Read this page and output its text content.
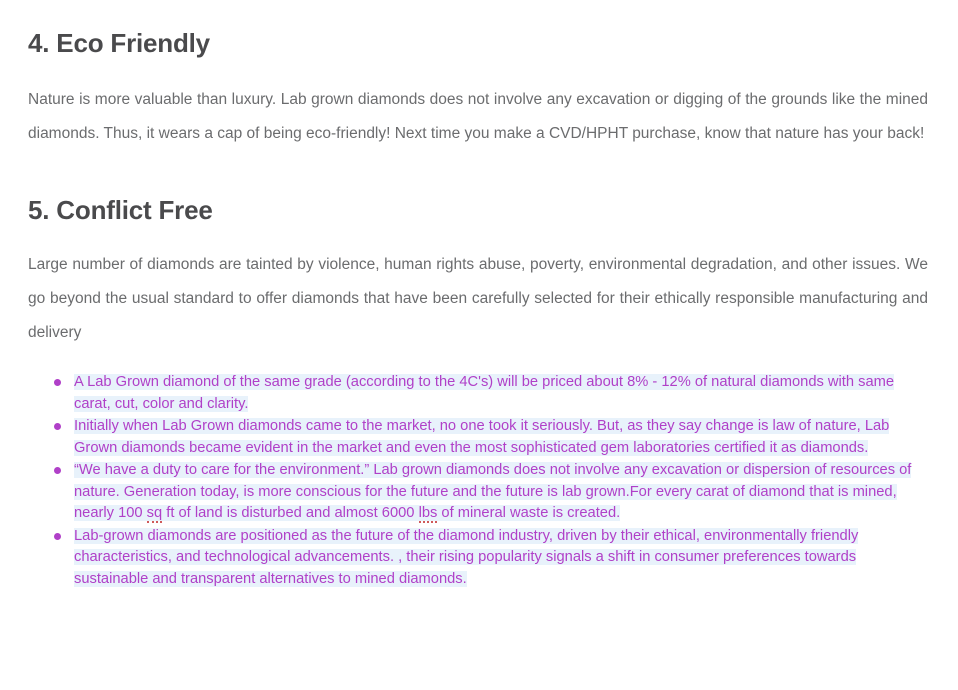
4. Eco Friendly

Nature is more valuable than luxury. Lab grown diamonds does not involve any excavation or digging of the grounds like the mined diamonds. Thus, it wears a cap of being eco-friendly! Next time you make a CVD/HPHT purchase, know that nature has your back!

5. Conflict Free

Large number of diamonds are tainted by violence, human rights abuse, poverty, environmental degradation, and other issues. We go beyond the usual standard to offer diamonds that have been carefully selected for their ethically responsible manufacturing and delivery

A Lab Grown diamond of the same grade (according to the 4C's) will be priced about 8% - 12% of natural diamonds with same carat, cut, color and clarity.
Initially when Lab Grown diamonds came to the market, no one took it seriously. But, as they say change is law of nature, Lab Grown diamonds became evident in the market and even the most sophisticated gem laboratories certified it as diamonds.
“We have a duty to care for the environment.” Lab grown diamonds does not involve any excavation or dispersion of resources of nature. Generation today, is more conscious for the future and the future is lab grown.For every carat of diamond that is mined, nearly 100 sq ft of land is disturbed and almost 6000 lbs of mineral waste is created.
Lab-grown diamonds are positioned as the future of the diamond industry, driven by their ethical, environmentally friendly characteristics, and technological advancements. , their rising popularity signals a shift in consumer preferences towards sustainable and transparent alternatives to mined diamonds.
